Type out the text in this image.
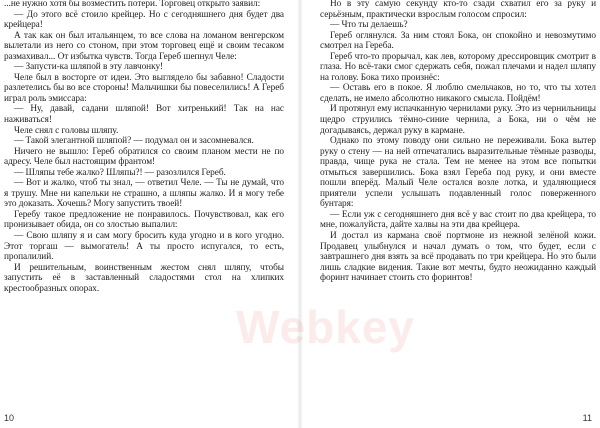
...не нужно хотя бы возместить потери. Торговец открыто заявил:

— До этого всё стоило крейцер. Но с сегодняшнего дня будет два крейцера!

А так как он был итальянцем, то все слова на ломаном венгерском вылетали из него со стоном, при этом торговец ещё и своим тесаком размахивал... От избытка чувств. Тогда Гереб шепнул Челе:

— Запусти-ка шляпой в эту лавчонку!

Челе был в восторге от идеи. Это выглядело бы забавно! Сладости разлетелись бы во все стороны! Мальчишки бы повеселились! А Гереб играл роль эмиссара:

— Ну, давай, садани шляпой! Вот хитренький! Так на нас наживаться!

Челе снял с головы шляпу.

— Такой элегантной шляпой? — подумал он и засомневался.

Ничего не вышло: Гереб обратился со своим планом мести не по адресу. Челе был настоящим франтом!

— Шляпы тебе жалко? Шляпы?! — разозлился Гереб.

— Вот и жалко, чтоб ты знал, — ответил Челе. — Ты не думай, что я трушу. Мне ни капельки не страшно, а шляпы жалко. И я могу тебе это доказать. Хочешь? Могу запустить твоей!

Геребу такое предложение не понравилось. Почувствовал, как его пронизывает обида, он со злостью выпалил:

— Свою шляпу я и сам могу бросить куда угодно и в кого угодно. Этот торгаш — вымогатель! А ты просто испугался, то есть, пропалилий.

И решительным, воинственным жестом снял шляпу, чтобы запустить её в заставленный сладостями стол на хлипких крестообразных опорах.

10

Но в эту самую секунду кто-то сзади схватил его за руку и серьёзным, практически взрослым голосом спросил:

— Что ты делаешь?

Гереб оглянулся. За ним стоял Бока, он спокойно и невозмутимо смотрел на Гереба.

Гереб что-то прорычал, как лев, которому дрессировщик смотрит в глаза. Но всё-таки смог сдержать себя, пожал плечами и надел шляпу на голову. Бока тихо произнёс:

— Оставь его в покое. Я люблю смельчаков, но то, что ты хотел сделать, не имело абсолютно никакого смысла. Пойдём!

И протянул ему испачканную чернилами руку. Это из чернильницы щедро струились тёмно-синие чернила, а Бока, ни о чём не догадываясь, держал руку в кармане.

Однако по этому поводу они сильно не переживали. Бока вытер руку о стену — на ней отпечатались выразительные тёмные разводы, правда, чище рука не стала. Тем не менее на этом все попытки отмыться завершились. Бока взял Гереба под руку, и они вместе пошли вперёд. Малый Челе остался возле лотка, и удаляющиеся приятели успели услышать подавленный голос поверженного бунтаря:

— Если уж с сегодняшнего дня всё у вас стоит по два крейцера, то мне, пожалуйста, дайте халвы на эти два крейцера.

И достал из кармана своё портмоне из нежной зелёной кожи. Продавец улыбнулся и начал думать о том, что будет, если с завтрашнего дня взять за всё продавать по три крейцера. Но это были лишь сладкие видения. Такие вот мечты, будто неожиданно каждый форинт начинает стоить сто форинтов!

11
Webkey
